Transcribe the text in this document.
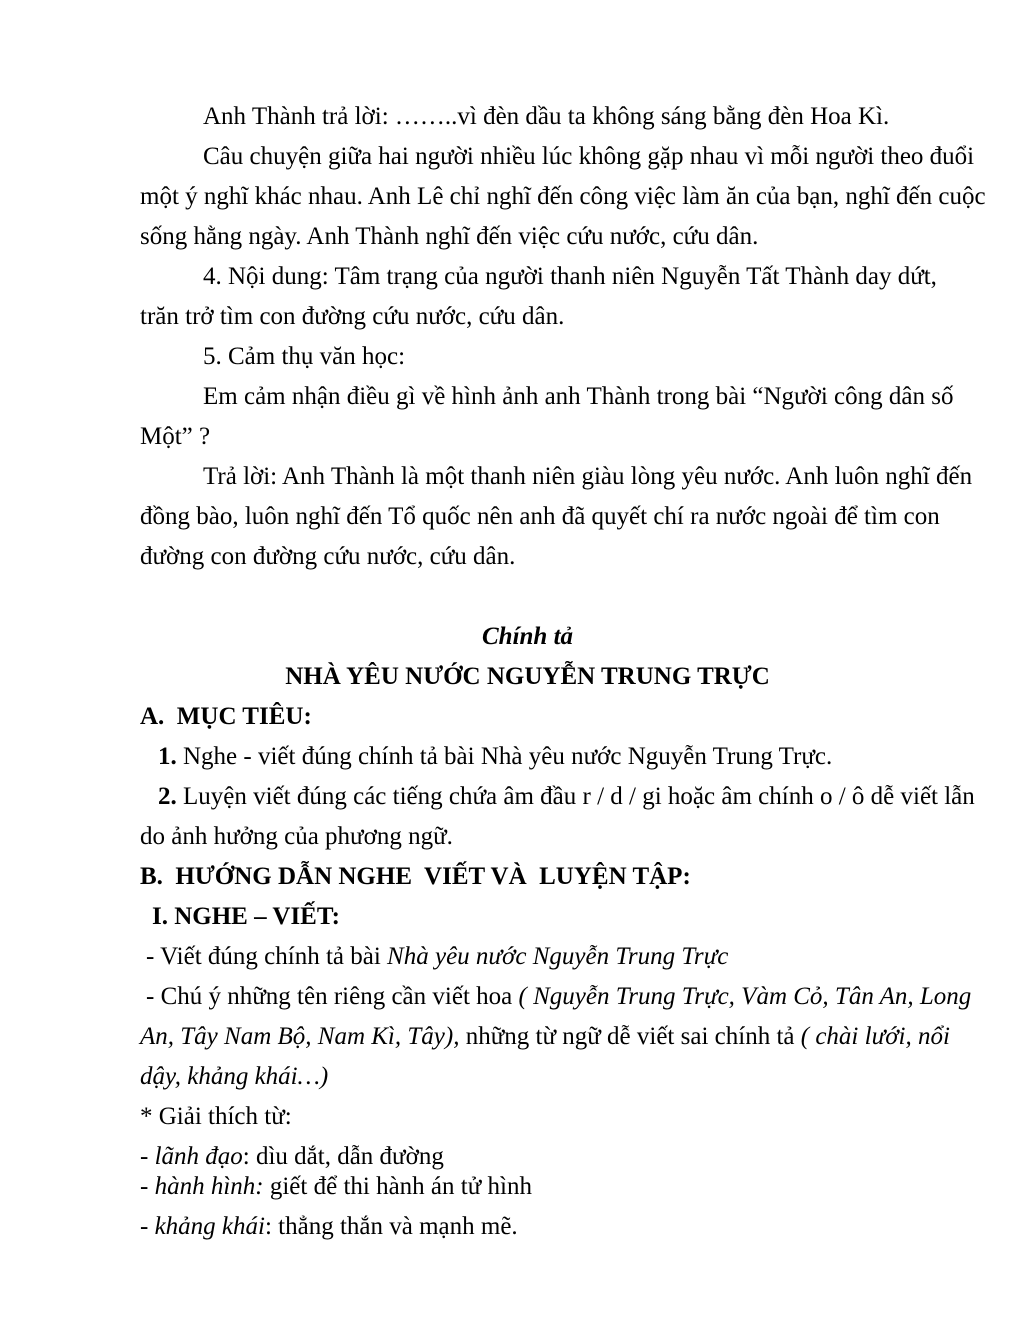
Anh Thành trả lời: ……..vì đèn dầu ta không sáng bằng đèn Hoa Kì.
Câu chuyện giữa hai người nhiều lúc không gặp nhau vì mỗi người theo đuổi
một ý nghĩ khác nhau. Anh Lê chỉ nghĩ đến công việc làm ăn của bạn, nghĩ đến cuộc
sống hằng ngày. Anh Thành nghĩ đến việc cứu nước, cứu dân.
4. Nội dung: Tâm trạng của người thanh niên Nguyễn Tất Thành day dứt,
trăn trở tìm con đường cứu nước, cứu dân.
5. Cảm thụ văn học:
Em cảm nhận điều gì về hình ảnh anh Thành trong bài “Người công dân số
Một” ?
Trả lời: Anh Thành là một thanh niên giàu lòng yêu nước. Anh luôn nghĩ đến
đồng bào, luôn nghĩ đến Tổ quốc nên anh đã quyết chí ra nước ngoài để tìm con
đường con đường cứu nước, cứu dân.
Chính tả
NHÀ YÊU NƯỚC NGUYỄN TRUNG TRỰC
A.  MỤC TIÊU:
1. Nghe - viết đúng chính tả bài Nhà yêu nước Nguyễn Trung Trực.
2. Luyện viết đúng các tiếng chứa âm đầu r / d / gi hoặc âm chính o / ô dễ viết lẫn
do ảnh hưởng của phương ngữ.
B.  HƯỚNG DẪN NGHE  VIẾT VÀ  LUYỆN TẬP:
I. NGHE – VIẾT:
- Viết đúng chính tả bài Nhà yêu nước Nguyễn Trung Trực
- Chú ý những tên riêng cần viết hoa ( Nguyễn Trung Trực, Vàm Cỏ, Tân An, Long
An, Tây Nam Bộ, Nam Kì, Tây), những từ ngữ dễ viết sai chính tả ( chài lưới, nổi
dậy, khảng khái…)
* Giải thích từ:
- lãnh đạo: dìu dắt, dẫn đường
- hành hình: giết để thi hành án tử hình
- khảng khái: thẳng thắn và mạnh mẽ.
